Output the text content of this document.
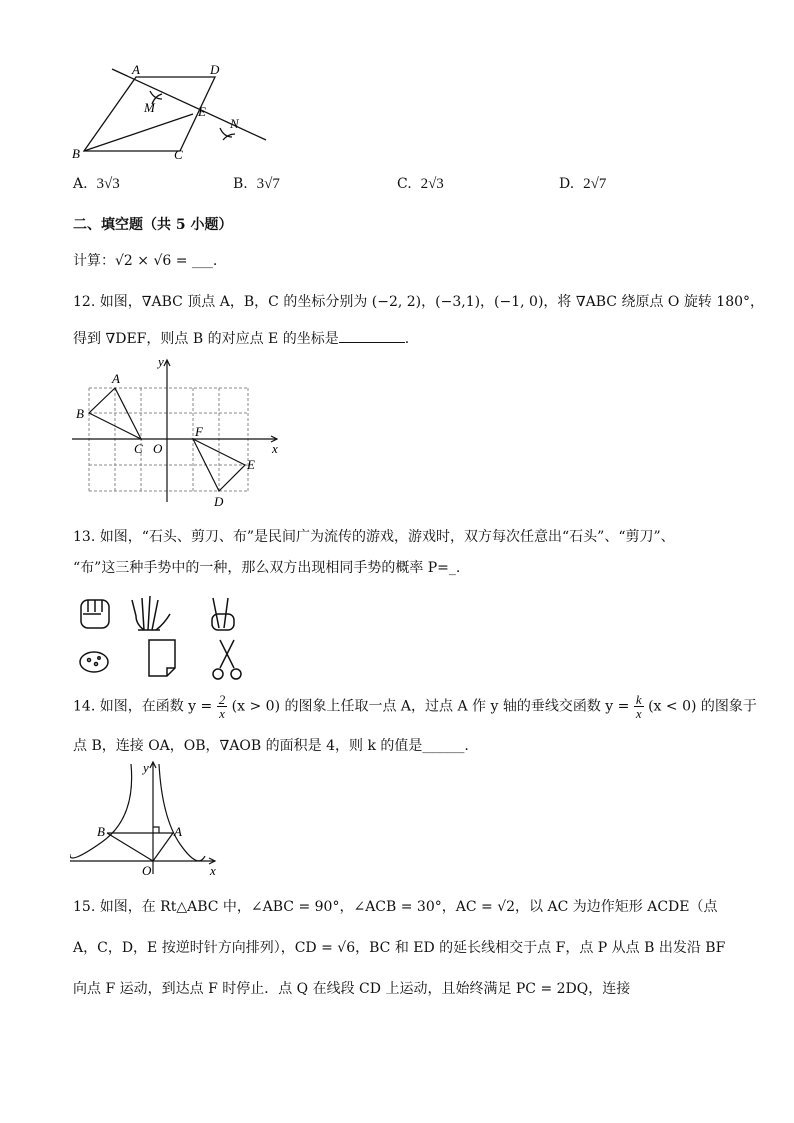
A	D
M	E
N
B	C
A. 3√3	B. 3√7	C. 2√3	D. 2√7
二、填空题（共 5 小题）
计算：√2 × √6 = ___.
12. 如图，∇ABC 顶点 A，B，C 的坐标分别为 (−2, 2)，(−3,1)，(−1, 0)，将 ∇ABC 绕原点 O 旋转 180°，
得到 ∇DEF，则点 B 的对应点 E 的坐标是	.
y
x
A
B
C O
F
E
D
13. 如图，“石头、剪刀、布”是民间广为流传的游戏，游戏时，双方每次任意出“石头”、“剪刀”、
“布”这三种手势中的一种，那么双方出现相同手势的概率 P=_.
14. 如图，在函数 $y = \frac{2}{x} (x > 0)$ 的图象上任取一点 A，过点 A 作 y 轴的垂线交函数 $y = \frac{k}{x} (x < 0)$ 的图象于
点 B，连接 OA，OB，∇AOB 的面积是 4，则 k 的值是______.
y
x
B	A
O
15. 如图，在 Rt△ABC 中，∠ABC = 90°，∠ACB = 30°，AC = √2，以 AC 为边作矩形 ACDE（点
A，C，D，E 按逆时针方向排列），CD = √6，BC 和 ED 的延长线相交于点 F，点 P 从点 B 出发沿 BF
向点 F 运动，到达点 F 时停止．点 Q 在线段 CD 上运动，且始终满足 PC = 2DQ，连接
